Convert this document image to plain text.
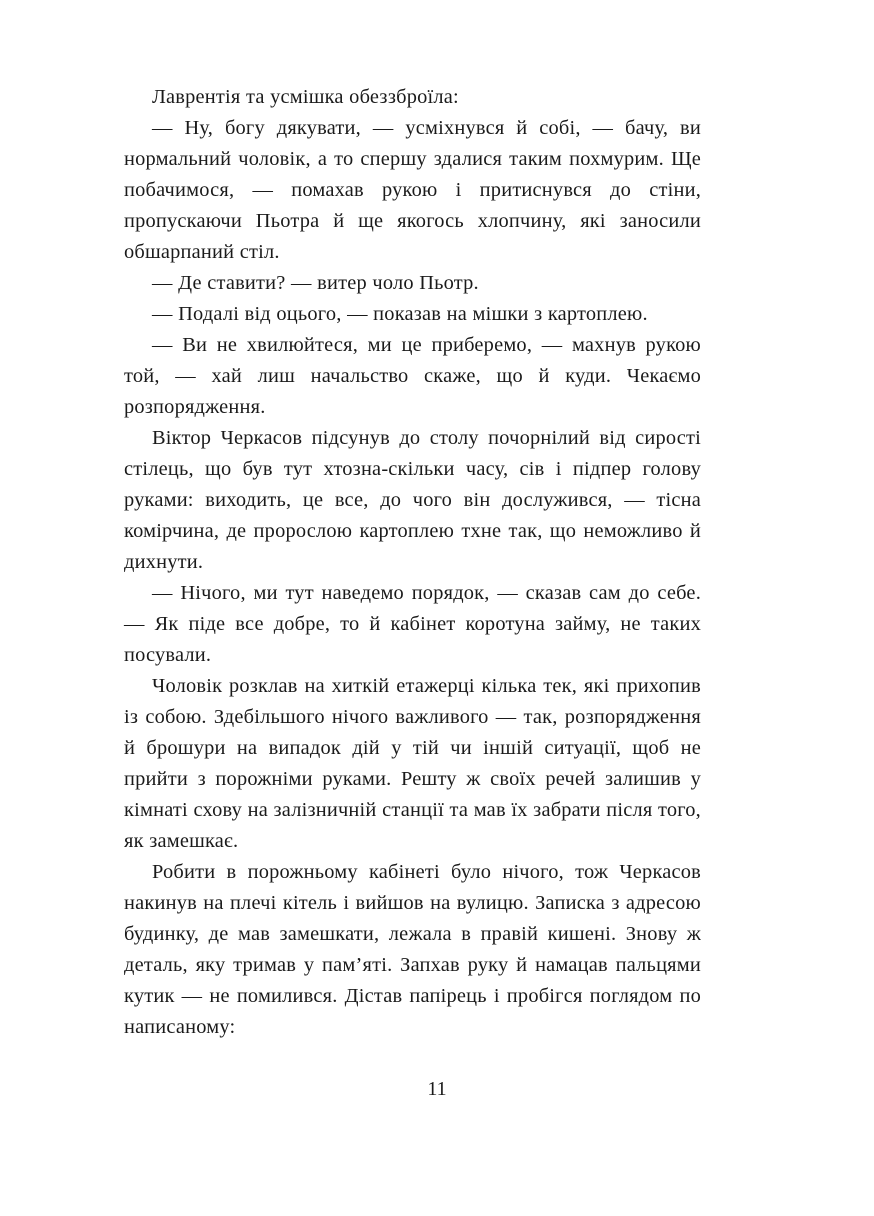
Лаврентія та усмішка обеззброїла:

— Ну, богу дякувати, — усміхнувся й собі, — бачу, ви нормальний чоловік, а то спершу здалися таким похмурим. Ще побачимося, — помахав рукою і притиснувся до стіни, пропускаючи Пьотра й ще якогось хлопчину, які заносили обшарпаний стіл.

— Де ставити? — витер чоло Пьотр.

— Подалі від оцього, — показав на мішки з картоплею.

— Ви не хвилюйтеся, ми це приберемо, — махнув рукою той, — хай лиш начальство скаже, що й куди. Чекаємо розпорядження.

Віктор Черкасов підсунув до столу почорнілий від сирості стілець, що був тут хтозна-скільки часу, сів і підпер голову руками: виходить, це все, до чого він дослужився, — тісна комірчина, де пророслою картоплею тхне так, що неможливо й дихнути.

— Нічого, ми тут наведемо порядок, — сказав сам до себе. — Як піде все добре, то й кабінет коротуна займу, не таких посували.

Чоловік розклав на хиткій етажерці кілька тек, які прихопив із собою. Здебільшого нічого важливого — так, розпорядження й брошури на випадок дій у тій чи іншій ситуації, щоб не прийти з порожніми руками. Решту ж своїх речей залишив у кімнаті схову на залізничній станції та мав їх забрати після того, як замешкає.

Робити в порожньому кабінеті було нічого, тож Черкасов накинув на плечі кітель і вийшов на вулицю. Записка з адресою будинку, де мав замешкати, лежала в правій кишені. Знову ж деталь, яку тримав у пам’яті. Запхав руку й намацав пальцями кутик — не помилився. Дістав папірець і пробігся поглядом по написаному:

11
